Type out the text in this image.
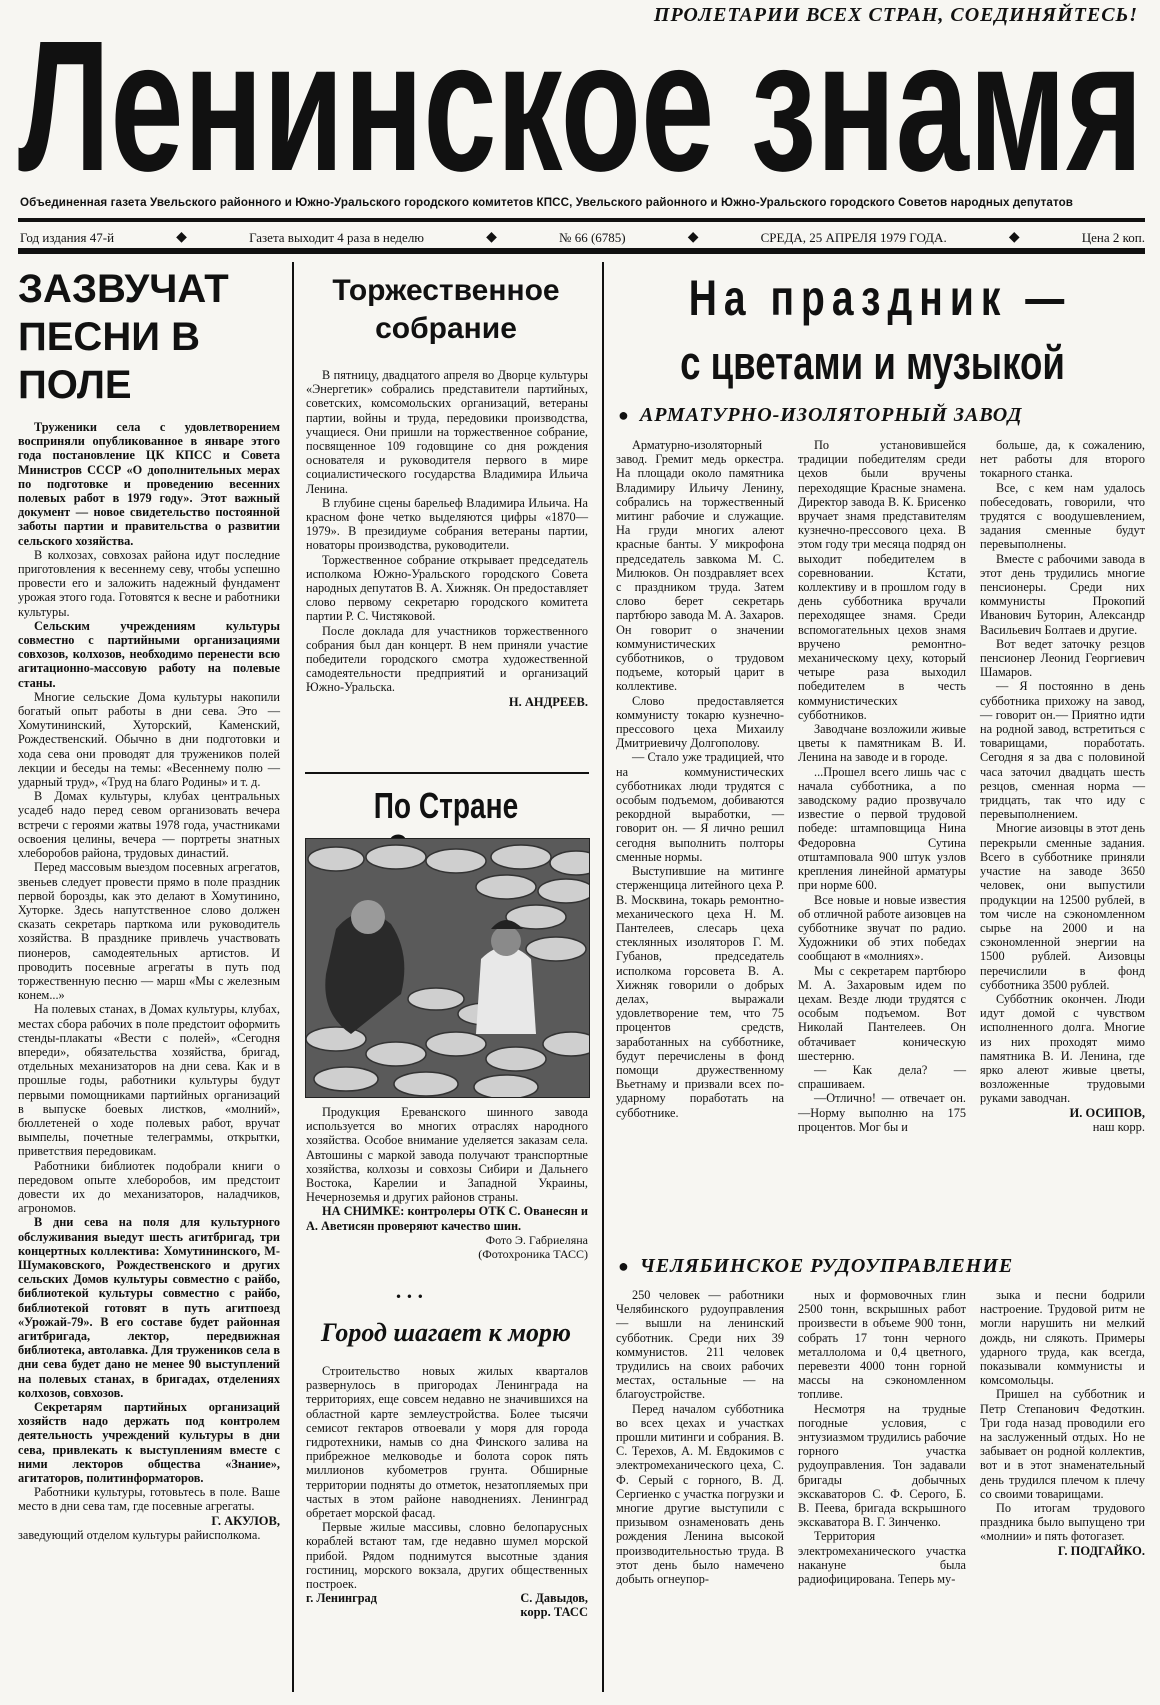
ПРОЛЕТАРИИ ВСЕХ СТРАН, СОЕДИНЯЙТЕСЬ!
Ленинское знамя
Объединенная газета Увельского районного и Южно-Уральского городского комитетов КПСС, Увельского районного и Южно-Уральского городского Советов народных депутатов
Год издания 47-й	◆	Газета выходит 4 раза в неделю	◆	№ 66 (6785)	◆	СРЕДА, 25 АПРЕЛЯ 1979 ГОДА.	◆	Цена 2 коп.
ЗАЗВУЧАТ ПЕСНИ В ПОЛЕ

Труженики села с удовлетворением восприняли опубликованное в январе этого года постановление ЦК КПСС и Совета Министров СССР «О дополнительных мерах по подготовке и проведению весенних полевых работ в 1979 году». Этот важный документ — новое свидетельство постоянной заботы партии и правительства о развитии сельского хозяйства.

В колхозах, совхозах района идут последние приготовления к весеннему севу, чтобы успешно провести его и заложить надежный фундамент урожая этого года. Готовятся к весне и работники культуры.

Сельским учреждениям культуры совместно с партийными организациями совхозов, колхозов, необходимо перенести всю агитационно-массовую работу на полевые станы.

Многие сельские Дома культуры накопили богатый опыт работы в дни сева. Это — Хомутининский, Хуторский, Каменский, Рождественский. Обычно в дни подготовки и хода сева они проводят для тружеников полей лекции и беседы на темы: «Весеннему полю — ударный труд», «Труд на благо Родины» и т. д.

В Домах культуры, клубах центральных усадеб надо перед севом организовать вечера встречи с героями жатвы 1978 года, участниками освоения целины, вечера — портреты знатных хлеборобов района, трудовых династий.

Перед массовым выездом посевных агрегатов, звеньев следует провести прямо в поле праздник первой борозды, как это делают в Хомутинино, Хуторке. Здесь напутственное слово должен сказать секретарь парткома или руководитель хозяйства. В празднике привлечь участвовать пионеров, самодеятельных артистов. И проводить посевные агрегаты в путь под торжественную песню — марш «Мы с железным конем...»

На полевых станах, в Домах культуры, клубах, местах сбора рабочих в поле предстоит оформить стенды-плакаты «Вести с полей», «Сегодня впереди», обязательства хозяйства, бригад, отдельных механизаторов на дни сева. Как и в прошлые годы, работники культуры будут первыми помощниками партийных организаций в выпуске боевых листков, «молний», бюллетеней о ходе полевых работ, вручат вымпелы, почетные телеграммы, открытки, приветствия передовикам.

Работники библиотек подобрали книги о передовом опыте хлеборобов, им предстоит довести их до механизаторов, наладчиков, агрономов.

В дни сева на поля для культурного обслуживания выедут шесть агитбригад, три концертных коллектива: Хомутининского, М-Шумаковского, Рождественского и других сельских Домов культуры совместно с райбо, библиотекой культуры совместно с райбо, библиотекой готовят в путь агитпоезд «Урожай-79». В его составе будет районная агитбригада, лектор, передвижная библиотека, автолавка. Для тружеников села в дни сева будет дано не менее 90 выступлений на полевых станах, в бригадах, отделениях колхозов, совхозов.

Секретарям партийных организаций хозяйств надо держать под контролем деятельность учреждений культуры в дни сева, привлекать к выступлениям вместе с ними лекторов общества «Знание», агитаторов, политинформаторов.

Работники культуры, готовьтесь в поле. Ваше место в дни сева там, где посевные агрегаты.

Г. АКУЛОВ,
заведующий отделом культуры райисполкома.
Торжественное
собрание

В пятницу, двадцатого апреля во Дворце культуры «Энергетик» собрались представители партийных, советских, комсомольских организаций, ветераны партии, войны и труда, передовики производства, учащиеся. Они пришли на торжественное собрание, посвященное 109 годовщине со дня рождения основателя и руководителя первого в мире социалистического государства Владимира Ильича Ленина.

В глубине сцены барельеф Владимира Ильича. На красном фоне четко выделяются цифры «1870—1979». В президиуме собрания ветераны партии, новаторы производства, руководители.

Торжественное собрание открывает председатель исполкома Южно-Уральского городского Совета народных депутатов В. А. Хижняк. Он предоставляет слово первому секретарю городского комитета партии Р. С. Чистяковой.

После доклада для участников торжественного собрания был дан концерт. В нем приняли участие победители городского смотра художественной самодеятельности предприятий и организаций Южно-Уральска.

Н. АНДРЕЕВ.
По Стране

Продукция Ереванского шинного завода используется во многих отраслях народного хозяйства. Особое внимание уделяется заказам села. Автошины с маркой завода получают транспортные хозяйства, колхозы и совхозы Сибири и Дальнего Востока, Карелии и Западной Украины, Нечерноземья и других районов страны.

НА СНИМКЕ: контролеры ОТК С. Ованесян и А. Аветисян проверяют качество шин.

Фото Э. Габриеляна
(Фотохроника ТАСС)
• • •
Город шагает к морю

Строительство новых жилых кварталов развернулось в пригородах Ленинграда на территориях, еще совсем недавно не значившихся на областной карте землеустройства. Более тысячи семисот гектаров отвоевали у моря для города гидротехники, намыв со дна Финского залива на прибрежное мелководье и болота сорок пять миллионов кубометров грунта. Обширные территории подняты до отметок, незатопляемых при частых в этом районе наводнениях. Ленинград обретает морской фасад.

Первые жилые массивы, словно белопарусных кораблей встают там, где недавно шумел морской прибой. Рядом поднимутся высотные здания гостиниц, морского вокзала, других общественных построек.

г. Ленинград	С. Давыдов,
корр. ТАСС
На праздник —
с цветами и музыкой
● АРМАТУРНО-ИЗОЛЯТОРНЫЙ ЗАВОД

Арматурно-изоляторный завод. Гремит медь оркестра. На площади около памятника Владимиру Ильичу Ленину, собрались на торжественный митинг рабочие и служащие. На груди многих алеют красные банты. У микрофона председатель завкома М. С. Милюков. Он поздравляет всех с праздником труда. Затем слово берет секретарь партбюро завода М. А. Захаров. Он говорит о значении коммунистических субботников, о трудовом подъеме, который царит в коллективе.

Слово предоставляется коммунисту токарю кузнечно-прессового цеха Михаилу Дмитриевичу Долгополову.

— Стало уже традицией, что на коммунистических субботниках люди трудятся с особым подъемом, добиваются рекордной выработки, — говорит он. — Я лично решил сегодня выполнить полторы сменные нормы.

Выступившие на митинге стерженщица литейного цеха Р. В. Москвина, токарь ремонтно-механического цеха Н. М. Пантелеев, слесарь цеха стеклянных изоляторов Г. М. Губанов, председатель исполкома горсовета В. А. Хижняк говорили о добрых делах, выражали удовлетворение тем, что 75 процентов средств, заработанных на субботнике, будут перечислены в фонд помощи дружественному Вьетнаму и призвали всех по-ударному поработать на субботнике.

По установившейся традиции победителям среди цехов были вручены переходящие Красные знамена. Директор завода В. К. Брисенко вручает знамя представителям кузнечно-прессового цеха. В этом году три месяца подряд он выходит победителем в соревновании. Кстати, коллективу и в прошлом году в день субботника вручали переходящее знамя. Среди вспомогательных цехов знамя вручено ремонтно-механическому цеху, который четыре раза выходил победителем в честь коммунистических субботников.

Заводчане возложили живые цветы к памятникам В. И. Ленина на заводе и в городе.

...Прошел всего лишь час с начала субботника, а по заводскому радио прозвучало известие о первой трудовой победе: штамповщица Нина Федоровна Сутина отштамповала 900 штук узлов крепления линейной арматуры при норме 600.

Все новые и новые известия об отличной работе аизовцев на субботнике звучат по радио. Художники об этих победах сообщают в «молниях».

Мы с секретарем партбюро М. А. Захаровым идем по цехам. Везде люди трудятся с особым подъемом. Вот Николай Пантелеев. Он обтачивает коническую шестерню.

— Как дела? — спрашиваем.

—Отлично! — отвечает он.—Норму выполню на 175 процентов. Мог бы и

больше, да, к сожалению, нет работы для второго токарного станка.

Все, с кем нам удалось побеседовать, говорили, что трудятся с воодушевлением, задания сменные будут перевыполнены.

Вместе с рабочими завода в этот день трудились многие пенсионеры. Среди них коммунисты Прокопий Иванович Буторин, Александр Васильевич Болтаев и другие.

Вот ведет заточку резцов пенсионер Леонид Георгиевич Шамаров.

— Я постоянно в день субботника прихожу на завод,— говорит он.— Приятно идти на родной завод, встретиться с товарищами, поработать. Сегодня я за два с половиной часа заточил двадцать шесть резцов, сменная норма — тридцать, так что иду с перевыполнением.

Многие аизовцы в этот день перекрыли сменные задания. Всего в субботнике приняли участие на заводе 3650 человек, они выпустили продукции на 12500 рублей, в том числе на сэкономленном сырье на 2000 и на сэкономленной энергии на 1500 рублей. Аизовцы перечислили в фонд субботника 3500 рублей.

Субботник окончен. Люди идут домой с чувством исполненного долга. Многие из них проходят мимо памятника В. И. Ленина, где ярко алеют живые цветы, возложенные трудовыми руками заводчан.

И. ОСИПОВ,
наш корр.
● ЧЕЛЯБИНСКОЕ РУДОУПРАВЛЕНИЕ

250 человек — работники Челябинского рудоуправления — вышли на ленинский субботник. Среди них 39 коммунистов. 211 человек трудились на своих рабочих местах, остальные — на благоустройстве.

Перед началом субботника во всех цехах и участках прошли митинги и собрания. В. С. Терехов, А. М. Евдокимов с электромеханического цеха, С. Ф. Серый с горного, В. Д. Сергиенко с участка погрузки и многие другие выступили с призывом ознаменовать день рождения Ленина высокой производительностью труда. В этот день было намечено добыть огнеупор-

ных и формовочных глин 2500 тонн, вскрышных работ произвести в объеме 900 тонн, собрать 17 тонн черного металлолома и 0,4 цветного, перевезти 4000 тонн горной массы на сэкономленном топливе.

Несмотря на трудные погодные условия, с энтузиазмом трудились рабочие горного участка рудоуправления. Тон задавали бригады добычных экскаваторов С. Ф. Серого, Б. В. Пеева, бригада вскрышного экскаватора В. Г. Зинченко.

Территория электромеханического участка накануне была радиофицирована. Теперь му-

зыка и песни бодрили настроение. Трудовой ритм не могли нарушить ни мелкий дождь, ни слякоть. Примеры ударного труда, как всегда, показывали коммунисты и комсомольцы.

Пришел на субботник и Петр Степанович Федоткин. Три года назад проводили его на заслуженный отдых. Но не забывает он родной коллектив, вот и в этот знаменательный день трудился плечом к плечу со своими товарищами.

По итогам трудового праздника было выпущено три «молнии» и пять фотогазет.

Г. ПОДГАЙКО.
